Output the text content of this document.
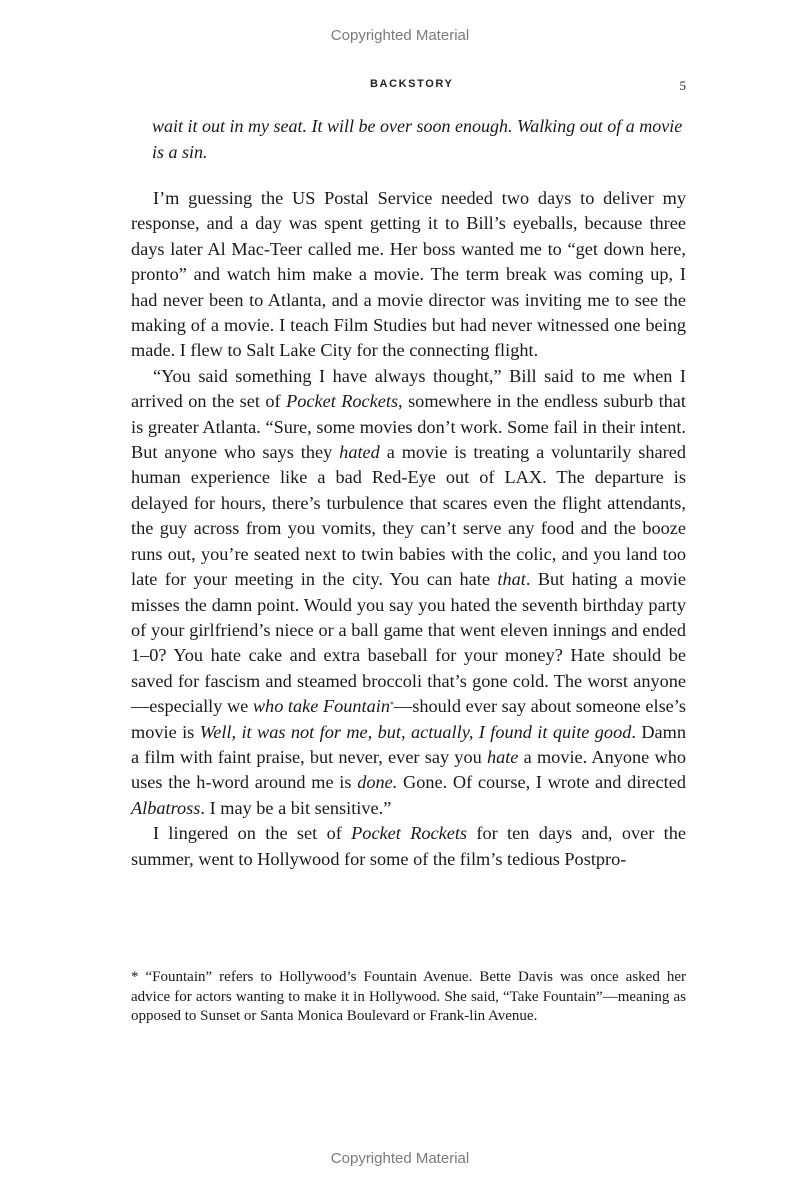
Copyrighted Material
BACKSTORY	5
wait it out in my seat. It will be over soon enough. Walking out of a movie is a sin.

I’m guessing the US Postal Service needed two days to deliver my response, and a day was spent getting it to Bill’s eyeballs, because three days later Al Mac-Teer called me. Her boss wanted me to “get down here, pronto” and watch him make a movie. The term break was coming up, I had never been to Atlanta, and a movie director was inviting me to see the making of a movie. I teach Film Studies but had never witnessed one being made. I flew to Salt Lake City for the connecting flight.

“You said something I have always thought,” Bill said to me when I arrived on the set of Pocket Rockets, somewhere in the endless suburb that is greater Atlanta. “Sure, some movies don’t work. Some fail in their intent. But anyone who says they hated a movie is treating a voluntarily shared human experience like a bad Red-Eye out of LAX. The departure is delayed for hours, there’s turbulence that scares even the flight attendants, the guy across from you vomits, they can’t serve any food and the booze runs out, you’re seated next to twin babies with the colic, and you land too late for your meeting in the city. You can hate that. But hating a movie misses the damn point. Would you say you hated the seventh birthday party of your girlfriend’s niece or a ball game that went eleven innings and ended 1–0? You hate cake and extra baseball for your money? Hate should be saved for fascism and steamed broccoli that’s gone cold. The worst anyone—especially we who take Fountain*—should ever say about someone else’s movie is Well, it was not for me, but, actually, I found it quite good. Damn a film with faint praise, but never, ever say you hate a movie. Anyone who uses the h-word around me is done. Gone. Of course, I wrote and directed Albatross. I may be a bit sensitive.”

I lingered on the set of Pocket Rockets for ten days and, over the summer, went to Hollywood for some of the film’s tedious Postpro-

* “Fountain” refers to Hollywood’s Fountain Avenue. Bette Davis was once asked her advice for actors wanting to make it in Hollywood. She said, “Take Fountain”—meaning as opposed to Sunset or Santa Monica Boulevard or Frank-lin Avenue.

Copyrighted Material
